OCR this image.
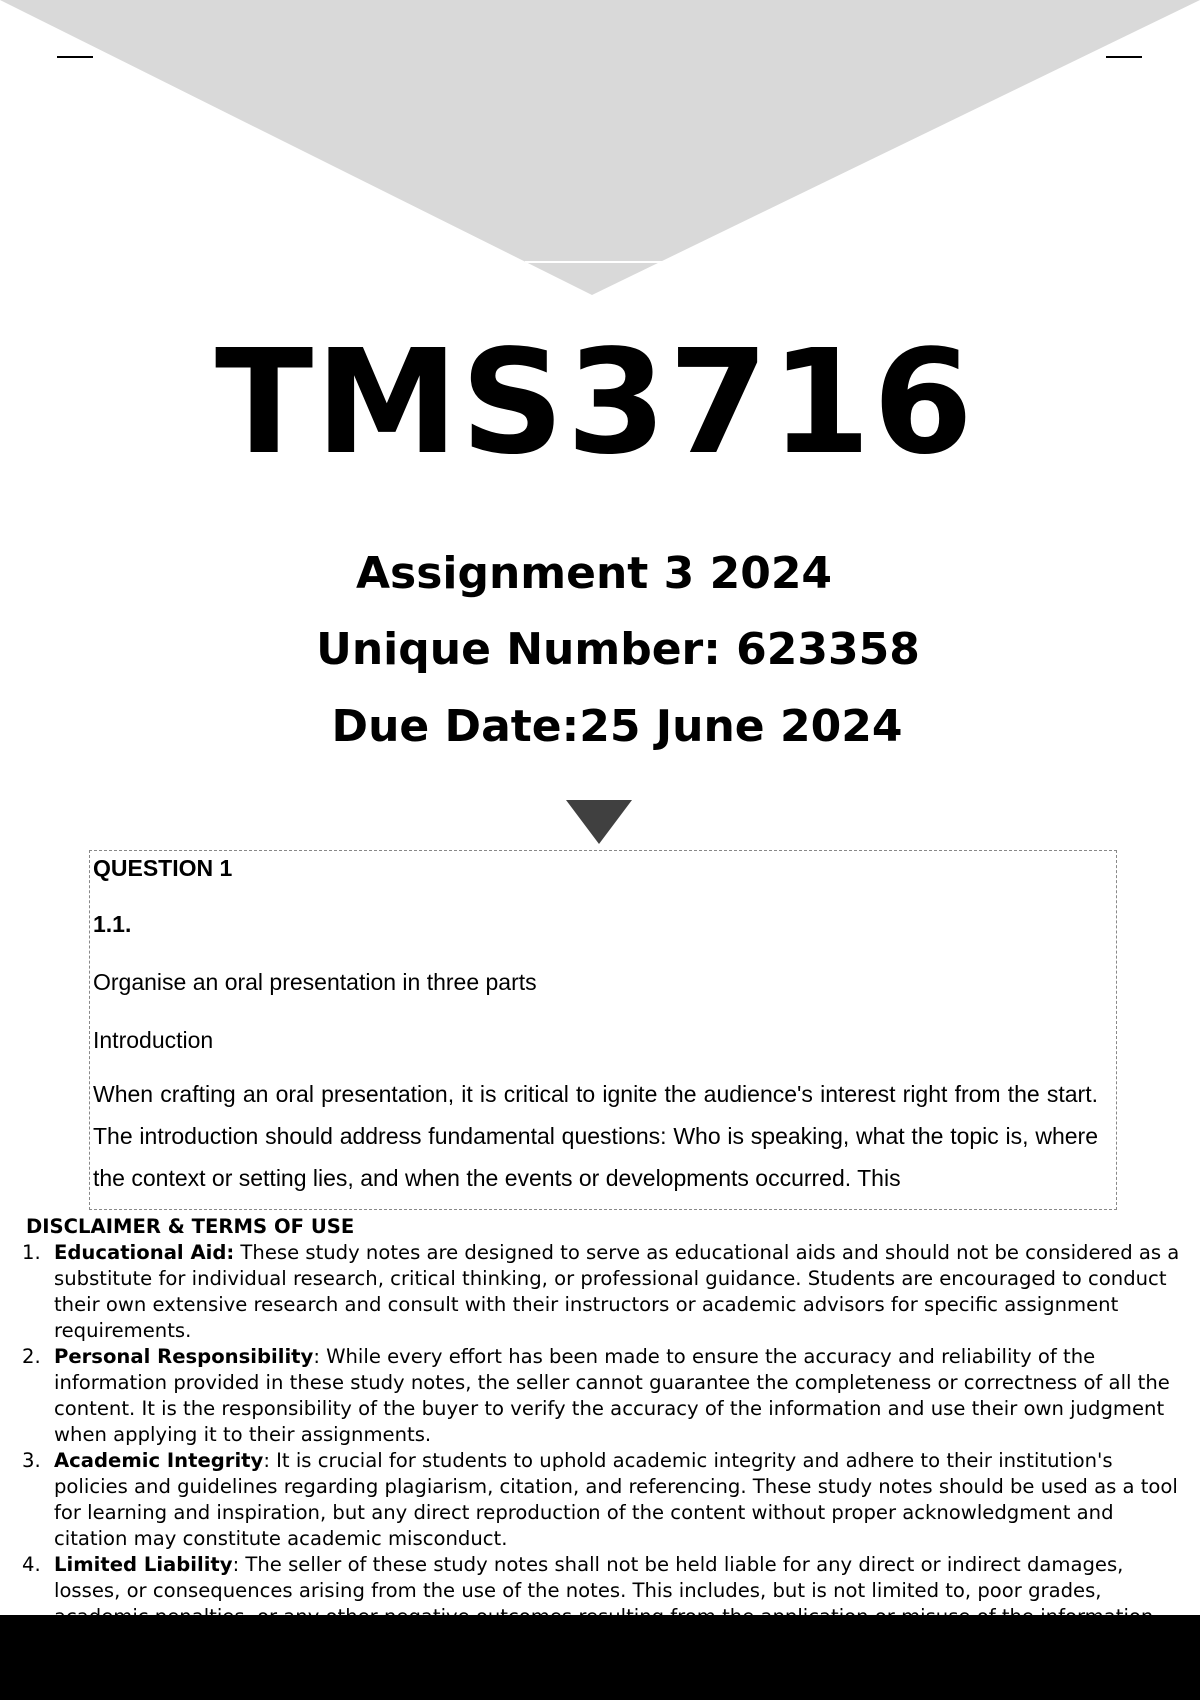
TMS3716
Assignment 3 2024
Unique Number: 623358
Due Date:25 June 2024
QUESTION 1
1.1.
Organise an oral presentation in three parts
Introduction

When crafting an oral presentation, it is critical to ignite the audience's interest right from the start. The introduction should address fundamental questions: Who is speaking, what the topic is, where the context or setting lies, and when the events or developments occurred. This

DISCLAIMER & TERMS OF USE
1. Educational Aid: These study notes are designed to serve as educational aids and should not be considered as a substitute for individual research, critical thinking, or professional guidance. Students are encouraged to conduct their own extensive research and consult with their instructors or academic advisors for specific assignment requirements.
2. Personal Responsibility: While every effort has been made to ensure the accuracy and reliability of the information provided in these study notes, the seller cannot guarantee the completeness or correctness of all the content. It is the responsibility of the buyer to verify the accuracy of the information and use their own judgment when applying it to their assignments.
3. Academic Integrity: It is crucial for students to uphold academic integrity and adhere to their institution's policies and guidelines regarding plagiarism, citation, and referencing. These study notes should be used as a tool for learning and inspiration, but any direct reproduction of the content without proper acknowledgment and citation may constitute academic misconduct.
4. Limited Liability: The seller of these study notes shall not be held liable for any direct or indirect damages, losses, or consequences arising from the use of the notes. This includes, but is not limited to, poor grades,
